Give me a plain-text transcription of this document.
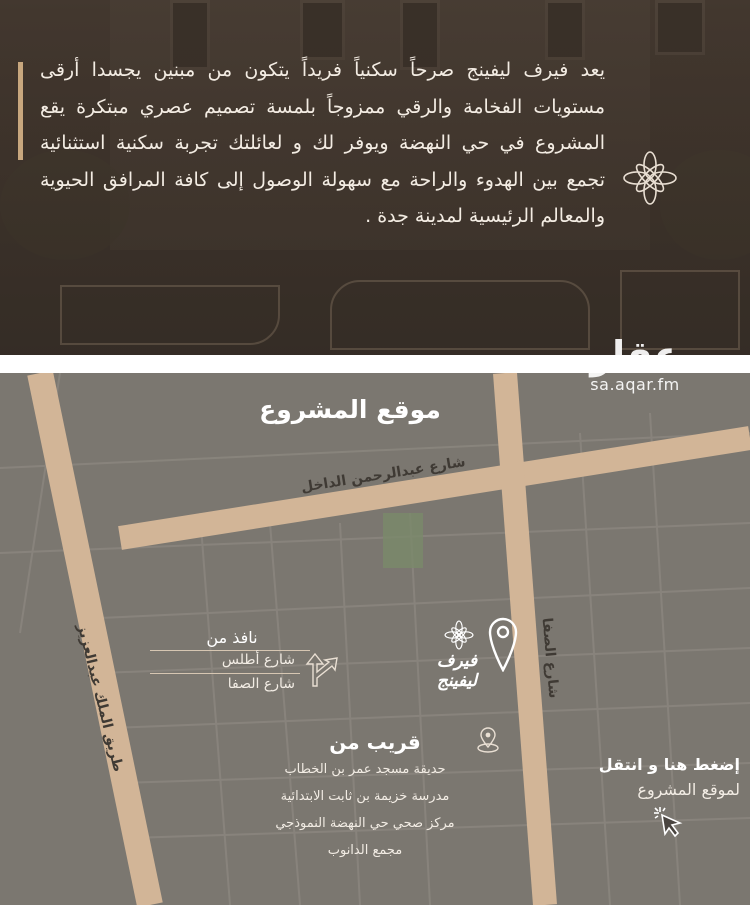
يعد فيرف ليفينج صرحاً سكنياً فريداً يتكون من مبنين يجسدا أرقى مستويات الفخامة والرقي ممزوجاً بلمسة تصميم عصري مبتكرة يقع المشروع في حي النهضة ويوفر لك و لعائلتك تجربة سكنية استثنائية تجمع بين الهدوء والراحة مع سهولة الوصول إلى كافة المرافق الحيوية والمعالم الرئيسية لمدينة جدة .

عقار
sa.aqar.fm
موقع المشروع
شارع عبدالرحمن الداخل
طريق الملك عبدالعزيز	شارع الصفا
نافذ من
شارع أطلس
شارع الصفا
فيرف ليفينج
قريب من
حديقة مسجد عمر بن الخطاب
مدرسة خزيمة بن ثابت الابتدائية
مركز صحي حي النهضة النموذجي
مجمع الدانوب
إضغط هنا و انتقل
لموقع المشروع
